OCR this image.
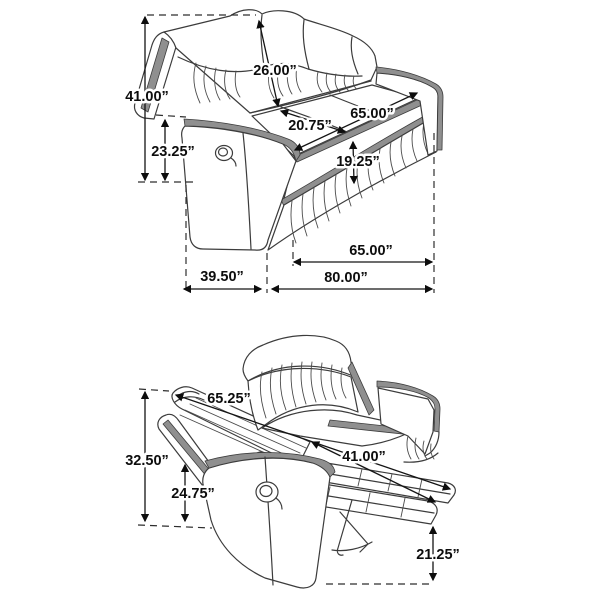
41.00”
23.25”
26.00”
20.75”
65.00”
19.25”
39.50”
65.00”
80.00”
32.50”
24.75”
65.25”
41.00”
21.25”
